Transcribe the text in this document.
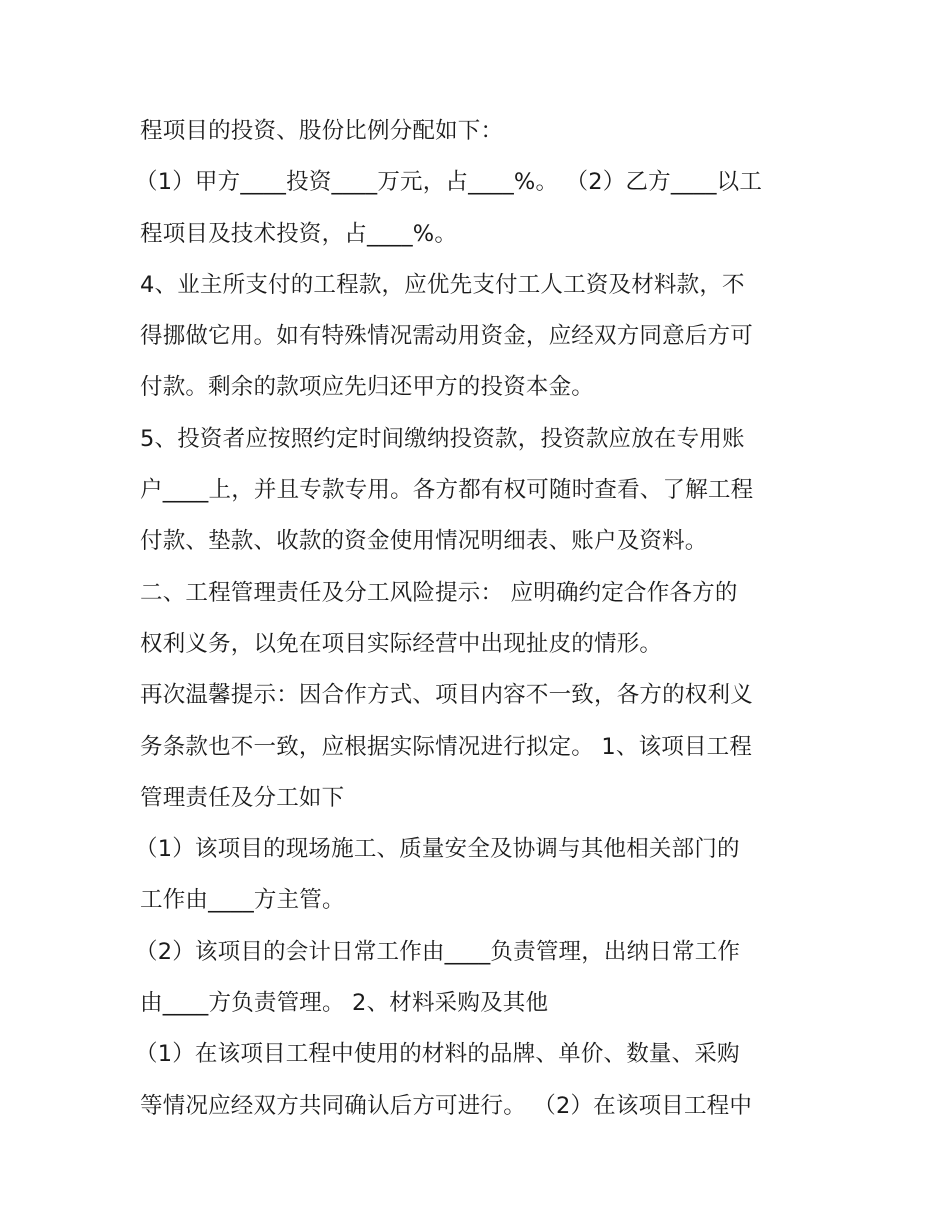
程项目的投资、股份比例分配如下：
（1）甲方____投资____万元，占____%。 （2）乙方____以工
程项目及技术投资，占____%。
4、业主所支付的工程款，应优先支付工人工资及材料款，不
得挪做它用。如有特殊情况需动用资金，应经双方同意后方可
付款。剩余的款项应先归还甲方的投资本金。
5、投资者应按照约定时间缴纳投资款，投资款应放在专用账
户____上，并且专款专用。各方都有权可随时查看、了解工程
付款、垫款、收款的资金使用情况明细表、账户及资料。
二、工程管理责任及分工风险提示： 应明确约定合作各方的
权利义务，以免在项目实际经营中出现扯皮的情形。
再次温馨提示：因合作方式、项目内容不一致，各方的权利义
务条款也不一致，应根据实际情况进行拟定。 1、该项目工程
管理责任及分工如下
（1）该项目的现场施工、质量安全及协调与其他相关部门的
工作由____方主管。
（2）该项目的会计日常工作由____负责管理，出纳日常工作
由____方负责管理。 2、材料采购及其他
（1）在该项目工程中使用的材料的品牌、单价、数量、采购
等情况应经双方共同确认后方可进行。 （2）在该项目工程中
